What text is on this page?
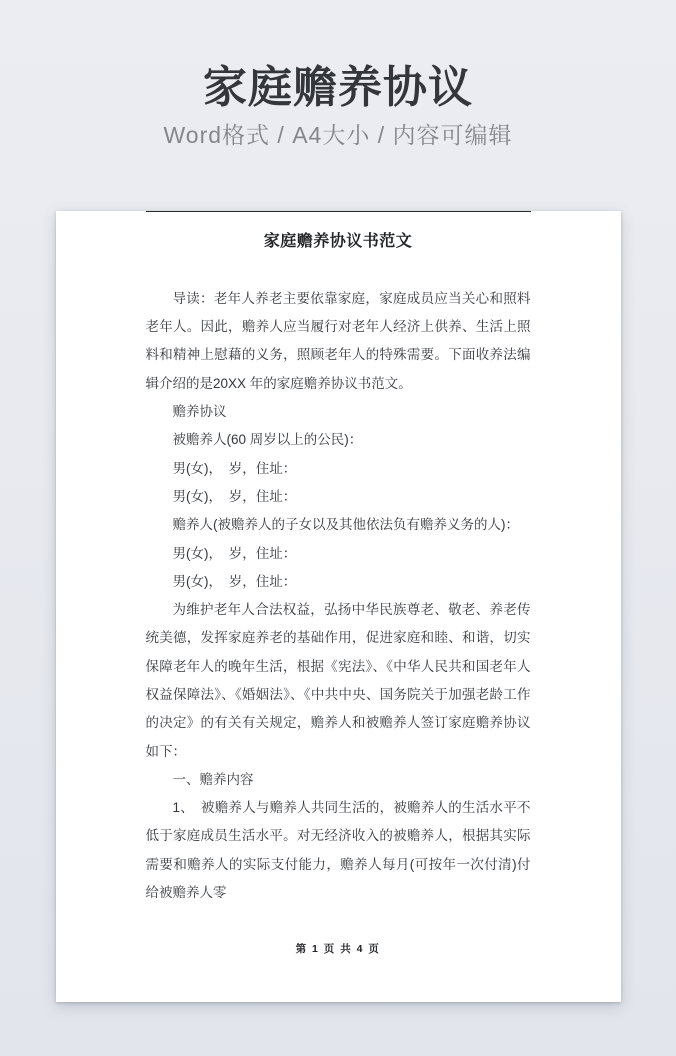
家庭赡养协议
Word格式 / A4大小 / 内容可编辑
家庭赡养协议书范文

导读：老年人养老主要依靠家庭，家庭成员应当关心和照料老年人。因此，赡养人应当履行对老年人经济上供养、生活上照料和精神上慰藉的义务，照顾老年人的特殊需要。下面收养法编辑介绍的是20XX 年的家庭赡养协议书范文。

赡养协议

被赡养人(60 周岁以上的公民)：

男(女)，　岁，住址：

男(女)，　岁，住址：

赡养人(被赡养人的子女以及其他依法负有赡养义务的人)：

男(女)，　岁，住址：

男(女)，　岁，住址：

为维护老年人合法权益，弘扬中华民族尊老、敬老、养老传统美德，发挥家庭养老的基础作用，促进家庭和睦、和谐，切实保障老年人的晚年生活，根据《宪法》、《中华人民共和国老年人权益保障法》、《婚姻法》、《中共中央、国务院关于加强老龄工作的决定》的有关有关规定，赡养人和被赡养人签订家庭赡养协议如下：

一、赡养内容

1、　被赡养人与赡养人共同生活的，被赡养人的生活水平不低于家庭成员生活水平。对无经济收入的被赡养人，根据其实际需要和赡养人的实际支付能力，赡养人每月(可按年一次付清)付给被赡养人零

第 1 页 共 4 页
